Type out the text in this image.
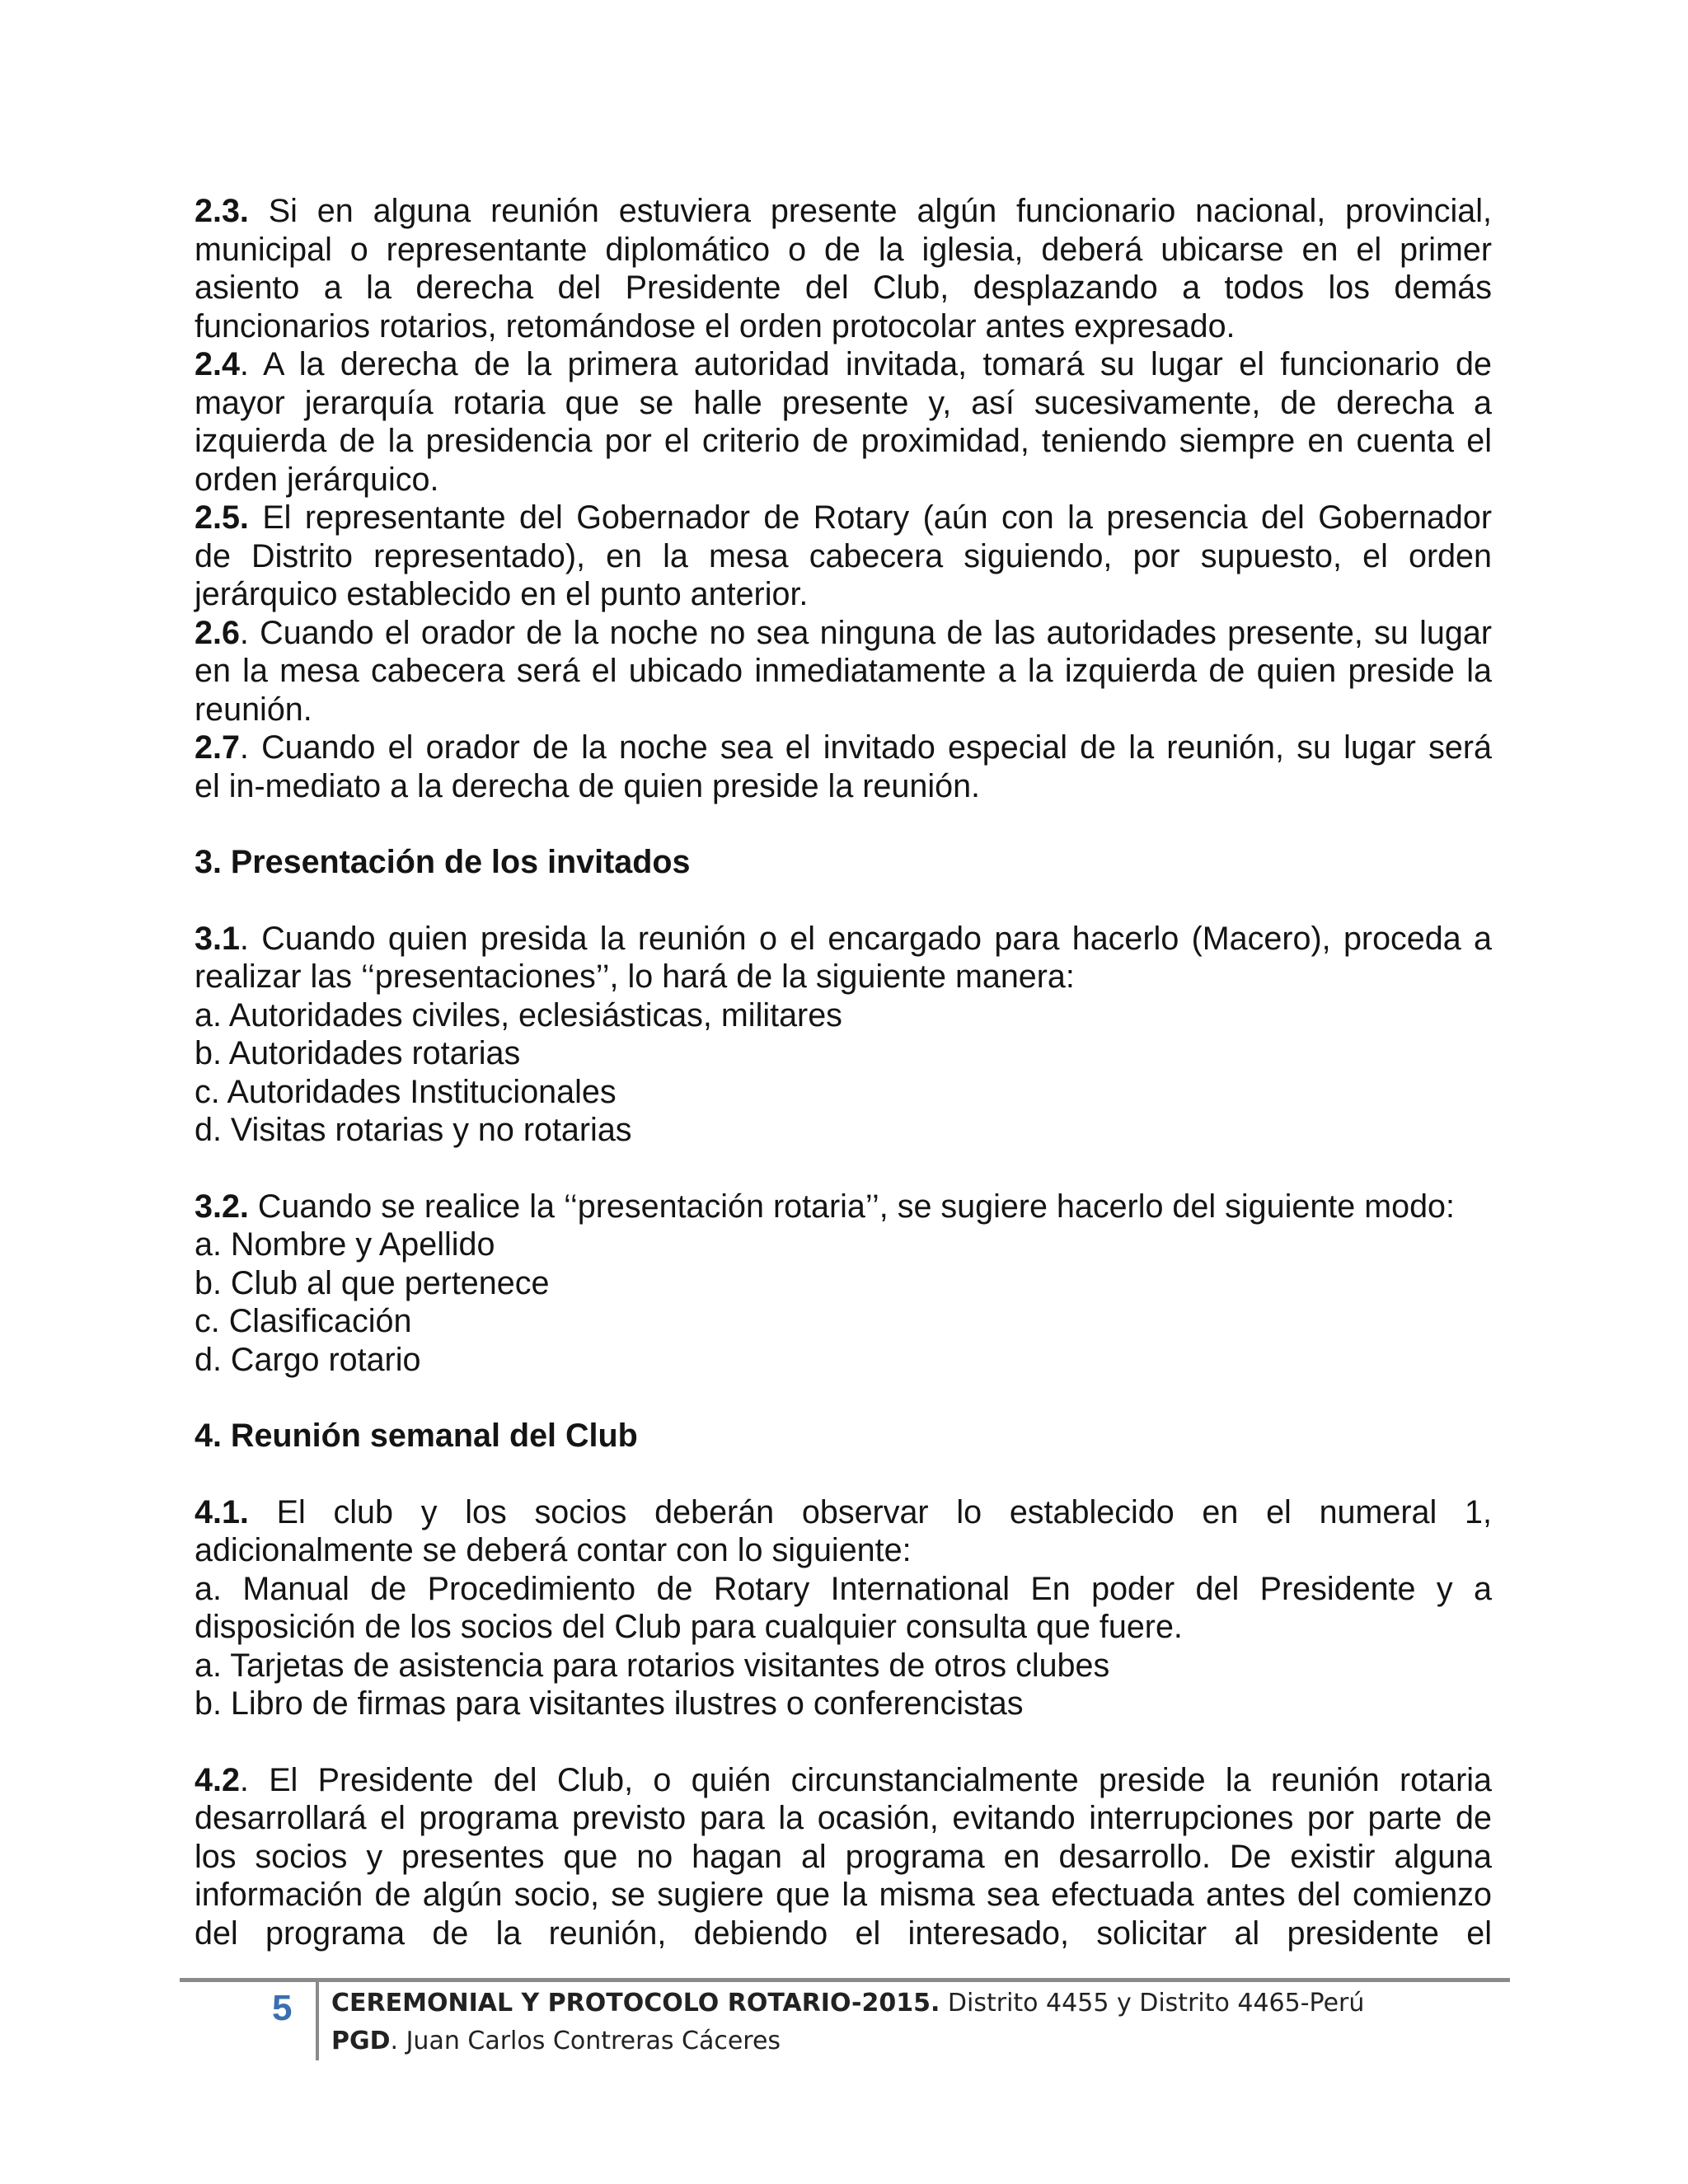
2.3. Si en alguna reunión estuviera presente algún funcionario nacional, provincial,

municipal o representante diplomático o de la iglesia, deberá ubicarse en el primer

asiento a la derecha del Presidente del Club, desplazando a todos los demás

funcionarios rotarios, retomándose el orden protocolar antes expresado.

2.4. A la derecha de la primera autoridad invitada, tomará su lugar el funcionario de

mayor jerarquía rotaria que se halle presente y, así sucesivamente, de derecha a

izquierda de la presidencia por el criterio de proximidad, teniendo siempre en cuenta el

orden jerárquico.

2.5. El representante del Gobernador de Rotary (aún con la presencia del Gobernador

de Distrito representado), en la mesa cabecera siguiendo, por supuesto, el orden

jerárquico establecido en el punto anterior.

2.6. Cuando el orador de la noche no sea ninguna de las autoridades presente, su lugar

en la mesa cabecera será el ubicado inmediatamente a la izquierda de quien preside la

reunión.

2.7. Cuando el orador de la noche sea el invitado especial de la reunión, su lugar será

el in-mediato a la derecha de quien preside la reunión.

3. Presentación de los invitados

3.1. Cuando quien presida la reunión o el encargado para hacerlo (Macero), proceda a

realizar las ‘‘presentaciones’’, lo hará de la siguiente manera:

a. Autoridades civiles, eclesiásticas, militares

b. Autoridades rotarias

c. Autoridades Institucionales

d. Visitas rotarias y no rotarias

3.2. Cuando se realice la ‘‘presentación rotaria’’, se sugiere hacerlo del siguiente modo:

a. Nombre y Apellido

b. Club al que pertenece

c. Clasificación

d. Cargo rotario

4. Reunión semanal del Club

4.1. El club y los socios deberán observar lo establecido en el numeral 1,

adicionalmente se deberá contar con lo siguiente:

a. Manual de Procedimiento de Rotary International En poder del Presidente y a

disposición de los socios del Club para cualquier consulta que fuere.

a. Tarjetas de asistencia para rotarios visitantes de otros clubes

b. Libro de firmas para visitantes ilustres o conferencistas

4.2. El Presidente del Club, o quién circunstancialmente preside la reunión rotaria

desarrollará el programa previsto para la ocasión, evitando interrupciones por parte de

los socios y presentes que no hagan al programa en desarrollo. De existir alguna

información de algún socio, se sugiere que la misma sea efectuada antes del comienzo

del programa de la reunión, debiendo el interesado, solicitar al presidente el

5	CEREMONIAL Y PROTOCOLO ROTARIO-2015. Distrito 4455 y Distrito 4465-Perú
PGD. Juan Carlos Contreras Cáceres
